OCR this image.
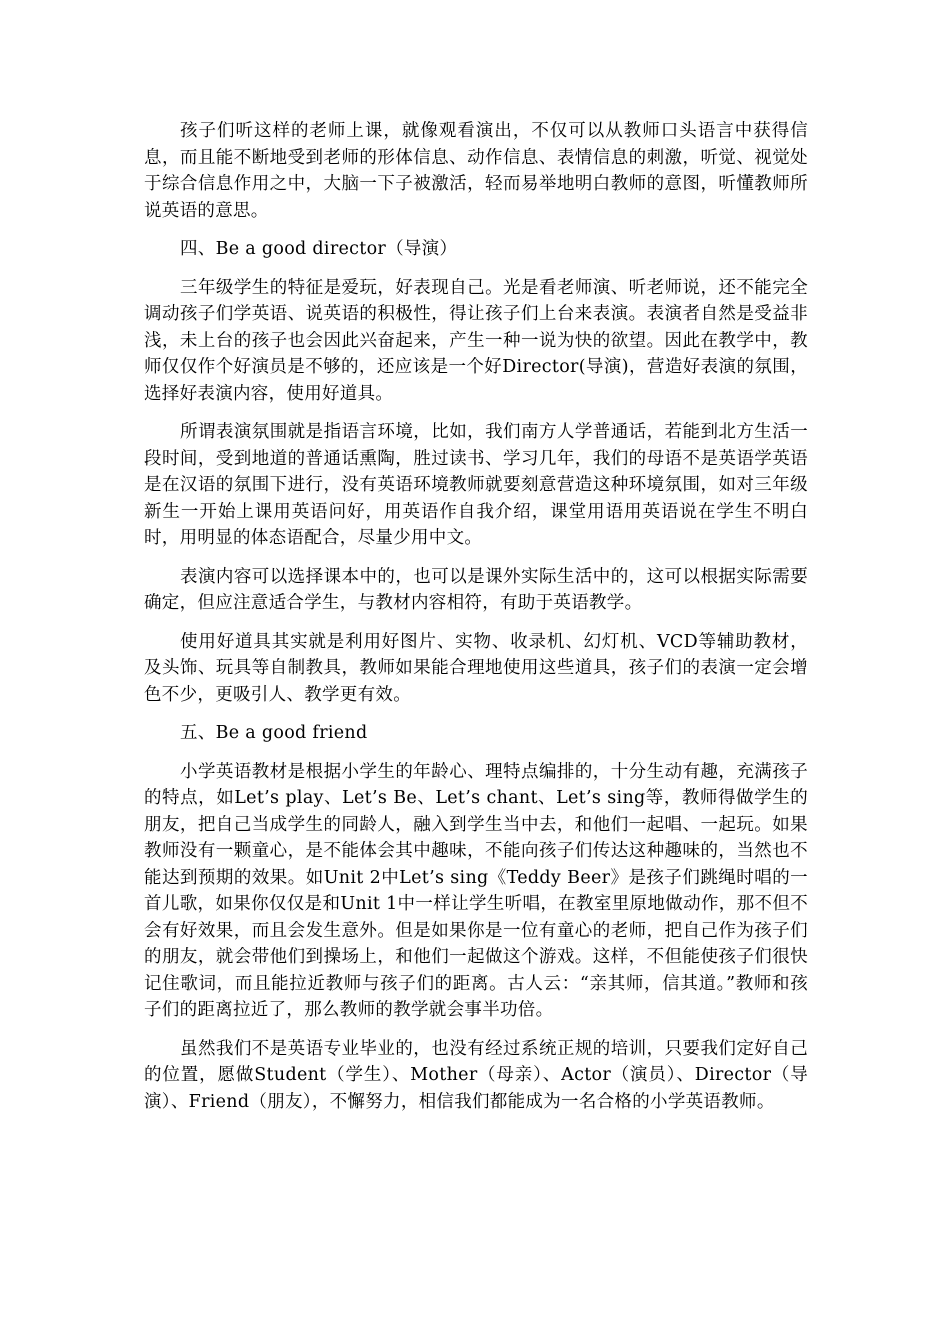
孩子们听这样的老师上课，就像观看演出，不仅可以从教师口头语言中获得信息，而且能不断地受到老师的形体信息、动作信息、表情信息的刺激，听觉、视觉处于综合信息作用之中，大脑一下子被激活，轻而易举地明白教师的意图，听懂教师所说英语的意思。

四、Be a good director（导演）

三年级学生的特征是爱玩，好表现自己。光是看老师演、听老师说，还不能完全调动孩子们学英语、说英语的积极性，得让孩子们上台来表演。表演者自然是受益非浅，未上台的孩子也会因此兴奋起来，产生一种一说为快的欲望。因此在教学中，教师仅仅作个好演员是不够的，还应该是一个好Director(导演)，营造好表演的氛围，选择好表演内容，使用好道具。

所谓表演氛围就是指语言环境，比如，我们南方人学普通话，若能到北方生活一段时间，受到地道的普通话熏陶，胜过读书、学习几年，我们的母语不是英语学英语是在汉语的氛围下进行，没有英语环境教师就要刻意营造这种环境氛围，如对三年级新生一开始上课用英语问好，用英语作自我介绍，课堂用语用英语说在学生不明白时，用明显的体态语配合，尽量少用中文。

表演内容可以选择课本中的，也可以是课外实际生活中的，这可以根据实际需要确定，但应注意适合学生，与教材内容相符，有助于英语教学。

使用好道具其实就是利用好图片、实物、收录机、幻灯机、VCD等辅助教材，及头饰、玩具等自制教具，教师如果能合理地使用这些道具，孩子们的表演一定会增色不少，更吸引人、教学更有效。

五、Be a good friend

小学英语教材是根据小学生的年龄心、理特点编排的，十分生动有趣，充满孩子的特点，如Let’s play、Let’s Be、Let’s chant、Let’s sing等，教师得做学生的朋友，把自己当成学生的同龄人，融入到学生当中去，和他们一起唱、一起玩。如果教师没有一颗童心，是不能体会其中趣味，不能向孩子们传达这种趣味的，当然也不能达到预期的效果。如Unit 2中Let’s sing《Teddy Beer》是孩子们跳绳时唱的一首儿歌，如果你仅仅是和Unit 1中一样让学生听唱，在教室里原地做动作，那不但不会有好效果，而且会发生意外。但是如果你是一位有童心的老师，把自己作为孩子们的朋友，就会带他们到操场上，和他们一起做这个游戏。这样，不但能使孩子们很快记住歌词，而且能拉近教师与孩子们的距离。古人云：“亲其师，信其道。”教师和孩子们的距离拉近了，那么教师的教学就会事半功倍。

虽然我们不是英语专业毕业的，也没有经过系统正规的培训，只要我们定好自己的位置，愿做Student（学生）、Mother（母亲）、Actor（演员）、Director（导演）、Friend（朋友），不懈努力，相信我们都能成为一名合格的小学英语教师。
